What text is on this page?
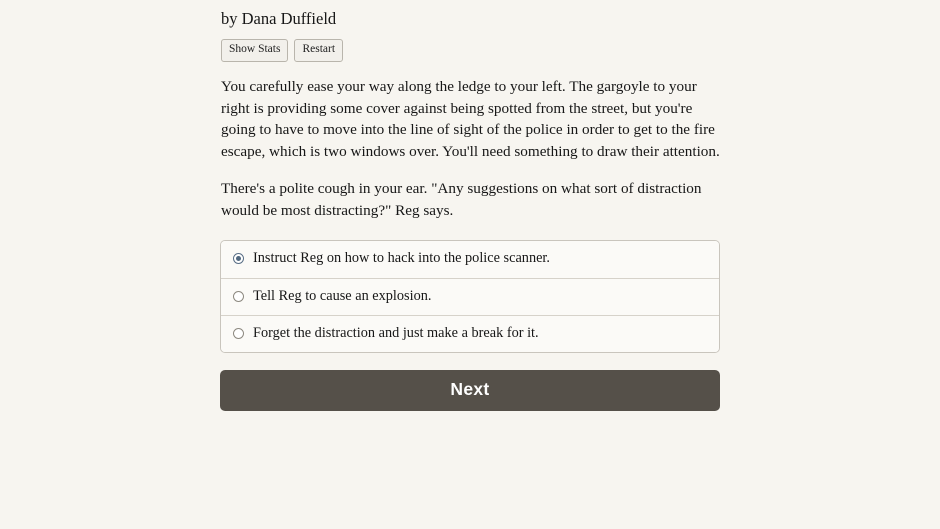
by Dana Duffield
Show Stats	Restart

You carefully ease your way along the ledge to your left. The gargoyle to your right is providing some cover against being spotted from the street, but you're going to have to move into the line of sight of the police in order to get to the fire escape, which is two windows over. You'll need something to draw their attention.

There's a polite cough in your ear. "Any suggestions on what sort of distraction would be most distracting?" Reg says.

Instruct Reg on how to hack into the police scanner.
Tell Reg to cause an explosion.
Forget the distraction and just make a break for it.
Next
